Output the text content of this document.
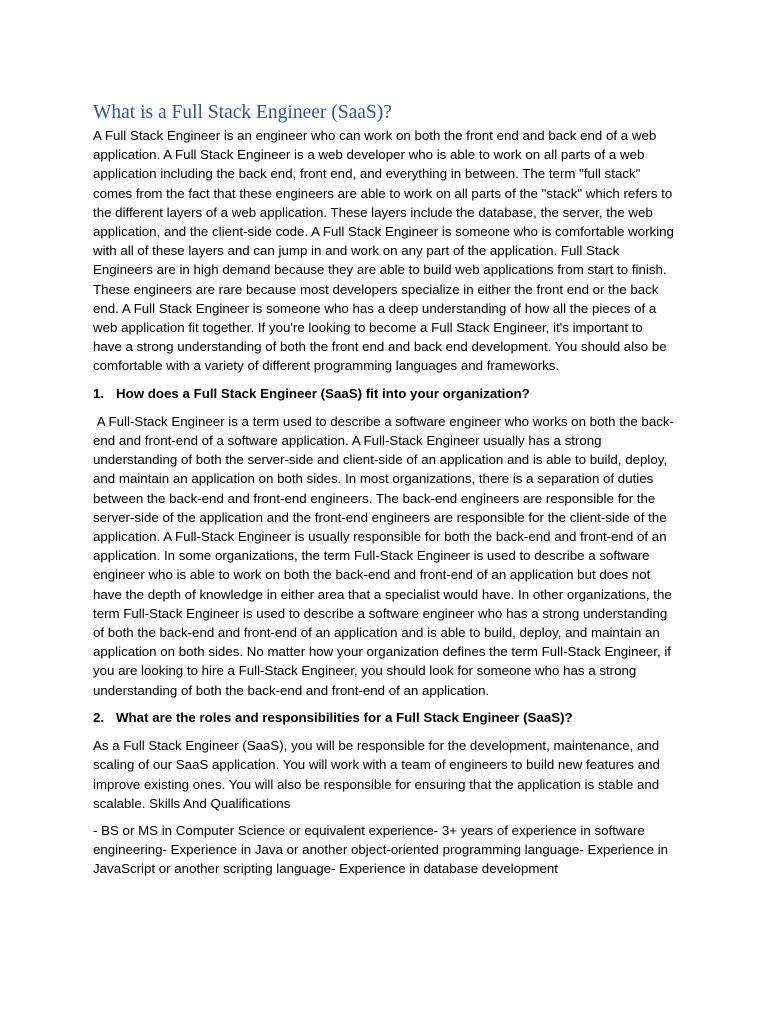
What is a Full Stack Engineer (SaaS)?

A Full Stack Engineer is an engineer who can work on both the front end and back end of a web application. A Full Stack Engineer is a web developer who is able to work on all parts of a web application including the back end, front end, and everything in between. The term "full stack" comes from the fact that these engineers are able to work on all parts of the "stack" which refers to the different layers of a web application. These layers include the database, the server, the web application, and the client-side code. A Full Stack Engineer is someone who is comfortable working with all of these layers and can jump in and work on any part of the application. Full Stack Engineers are in high demand because they are able to build web applications from start to finish. These engineers are rare because most developers specialize in either the front end or the back end. A Full Stack Engineer is someone who has a deep understanding of how all the pieces of a web application fit together. If you're looking to become a Full Stack Engineer, it's important to have a strong understanding of both the front end and back end development. You should also be comfortable with a variety of different programming languages and frameworks.

1. How does a Full Stack Engineer (SaaS) fit into your organization?

A Full-Stack Engineer is a term used to describe a software engineer who works on both the back-end and front-end of a software application. A Full-Stack Engineer usually has a strong understanding of both the server-side and client-side of an application and is able to build, deploy, and maintain an application on both sides. In most organizations, there is a separation of duties between the back-end and front-end engineers. The back-end engineers are responsible for the server-side of the application and the front-end engineers are responsible for the client-side of the application. A Full-Stack Engineer is usually responsible for both the back-end and front-end of an application. In some organizations, the term Full-Stack Engineer is used to describe a software engineer who is able to work on both the back-end and front-end of an application but does not have the depth of knowledge in either area that a specialist would have. In other organizations, the term Full-Stack Engineer is used to describe a software engineer who has a strong understanding of both the back-end and front-end of an application and is able to build, deploy, and maintain an application on both sides. No matter how your organization defines the term Full-Stack Engineer, if you are looking to hire a Full-Stack Engineer, you should look for someone who has a strong understanding of both the back-end and front-end of an application.

2. What are the roles and responsibilities for a Full Stack Engineer (SaaS)?

As a Full Stack Engineer (SaaS), you will be responsible for the development, maintenance, and scaling of our SaaS application. You will work with a team of engineers to build new features and improve existing ones. You will also be responsible for ensuring that the application is stable and scalable. Skills And Qualifications

- BS or MS in Computer Science or equivalent experience- 3+ years of experience in software engineering- Experience in Java or another object-oriented programming language- Experience in JavaScript or another scripting language- Experience in database development
